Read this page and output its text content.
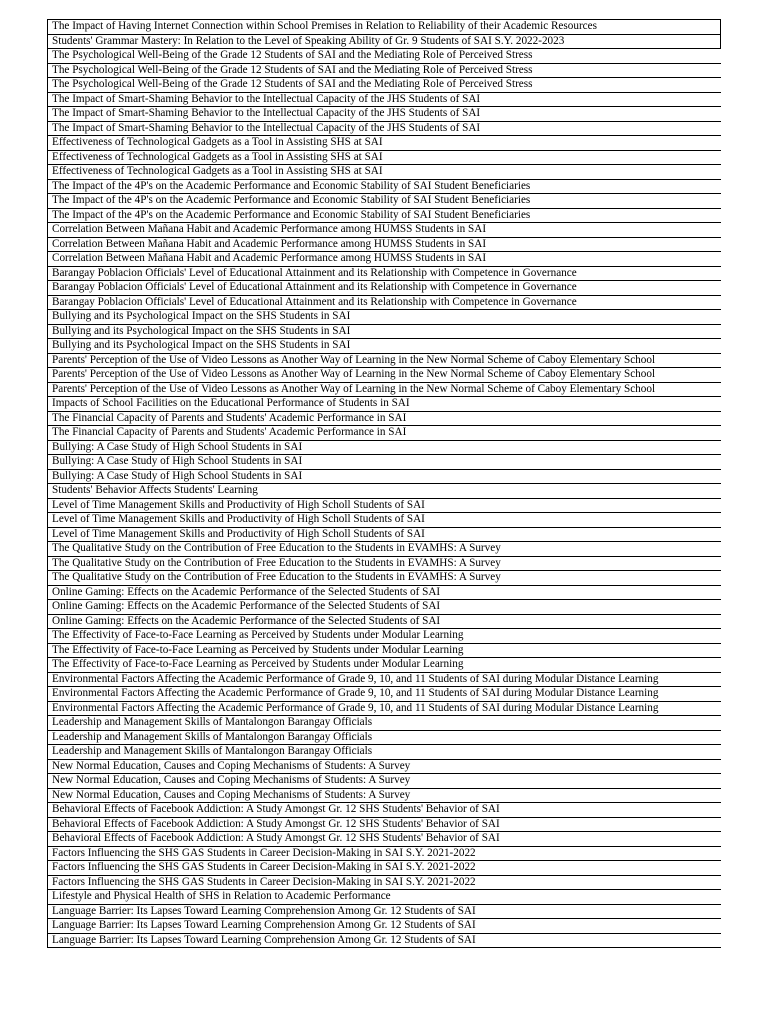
The Impact of Having Internet Connection within School Premises in Relation to Reliability of their Academic Resources
Students' Grammar Mastery: In Relation to the Level of Speaking Ability of Gr. 9 Students of SAI S.Y. 2022-2023
The Psychological Well-Being of the Grade 12 Students of SAI and the Mediating Role of Perceived Stress
The Psychological Well-Being of the Grade 12 Students of SAI and the Mediating Role of Perceived Stress
The Psychological Well-Being of the Grade 12 Students of SAI and the Mediating Role of Perceived Stress
The Impact of Smart-Shaming Behavior to the Intellectual Capacity of the JHS Students of SAI
The Impact of Smart-Shaming Behavior to the Intellectual Capacity of the JHS Students of SAI
The Impact of Smart-Shaming Behavior to the Intellectual Capacity of the JHS Students of SAI
Effectiveness of Technological Gadgets as a Tool in Assisting SHS at SAI
Effectiveness of Technological Gadgets as a Tool in Assisting SHS at SAI
Effectiveness of Technological Gadgets as a Tool in Assisting SHS at SAI
The Impact of the 4P's on the Academic Performance and Economic Stability of SAI Student Beneficiaries
The Impact of the 4P's on the Academic Performance and Economic Stability of SAI Student Beneficiaries
The Impact of the 4P's on the Academic Performance and Economic Stability of SAI Student Beneficiaries
Correlation Between Mañana Habit and Academic Performance among HUMSS Students in SAI
Correlation Between Mañana Habit and Academic Performance among HUMSS Students in SAI
Correlation Between Mañana Habit and Academic Performance among HUMSS Students in SAI
Barangay Poblacion Officials' Level of Educational Attainment and its Relationship with Competence in Governance
Barangay Poblacion Officials' Level of Educational Attainment and its Relationship with Competence in Governance
Barangay Poblacion Officials' Level of Educational Attainment and its Relationship with Competence in Governance
Bullying and its Psychological Impact on the SHS Students in SAI
Bullying and its Psychological Impact on the SHS Students in SAI
Bullying and its Psychological Impact on the SHS Students in SAI
Parents' Perception of the Use of Video Lessons as Another Way of Learning in the New Normal Scheme of Caboy Elementary School
Parents' Perception of the Use of Video Lessons as Another Way of Learning in the New Normal Scheme of Caboy Elementary School
Parents' Perception of the Use of Video Lessons as Another Way of Learning in the New Normal Scheme of Caboy Elementary School
Impacts of School Facilities on the Educational Performance of Students in SAI
The Financial Capacity of Parents and Students' Academic Performance in SAI
The Financial Capacity of Parents and Students' Academic Performance in SAI
Bullying: A Case Study of High School Students in SAI
Bullying: A Case Study of High School Students in SAI
Bullying: A Case Study of High School Students in SAI
Students' Behavior Affects Students' Learning
Level of Time Management Skills and Productivity of High Scholl Students of SAI
Level of Time Management Skills and Productivity of High Scholl Students of SAI
Level of Time Management Skills and Productivity of High Scholl Students of SAI
The Qualitative Study on the Contribution of Free Education to the Students in EVAMHS: A Survey
The Qualitative Study on the Contribution of Free Education to the Students in EVAMHS: A Survey
The Qualitative Study on the Contribution of Free Education to the Students in EVAMHS: A Survey
Online Gaming: Effects on the Academic Performance of the Selected Students of SAI
Online Gaming: Effects on the Academic Performance of the Selected Students of SAI
Online Gaming: Effects on the Academic Performance of the Selected Students of SAI
The Effectivity of Face-to-Face Learning as Perceived by Students under Modular Learning
The Effectivity of Face-to-Face Learning as Perceived by Students under Modular Learning
The Effectivity of Face-to-Face Learning as Perceived by Students under Modular Learning
Environmental Factors Affecting the Academic Performance of Grade 9, 10, and 11 Students of SAI during Modular Distance Learning
Environmental Factors Affecting the Academic Performance of Grade 9, 10, and 11 Students of SAI during Modular Distance Learning
Environmental Factors Affecting the Academic Performance of Grade 9, 10, and 11 Students of SAI during Modular Distance Learning
Leadership and Management Skills of Mantalongon Barangay Officials
Leadership and Management Skills of Mantalongon Barangay Officials
Leadership and Management Skills of Mantalongon Barangay Officials
New Normal Education, Causes and Coping Mechanisms of Students: A Survey
New Normal Education, Causes and Coping Mechanisms of Students: A Survey
New Normal Education, Causes and Coping Mechanisms of Students: A Survey
Behavioral Effects of Facebook Addiction: A Study Amongst Gr. 12 SHS Students' Behavior of SAI
Behavioral Effects of Facebook Addiction: A Study Amongst Gr. 12 SHS Students' Behavior of SAI
Behavioral Effects of Facebook Addiction: A Study Amongst Gr. 12 SHS Students' Behavior of SAI
Factors Influencing the SHS GAS Students in Career Decision-Making in SAI S.Y. 2021-2022
Factors Influencing the SHS GAS Students in Career Decision-Making in SAI S.Y. 2021-2022
Factors Influencing the SHS GAS Students in Career Decision-Making in SAI S.Y. 2021-2022
Lifestyle and Physical Health of SHS in Relation to Academic Performance
Language Barrier: Its Lapses Toward Learning Comprehension Among Gr. 12 Students of SAI
Language Barrier: Its Lapses Toward Learning Comprehension Among Gr. 12 Students of SAI
Language Barrier: Its Lapses Toward Learning Comprehension Among Gr. 12 Students of SAI
